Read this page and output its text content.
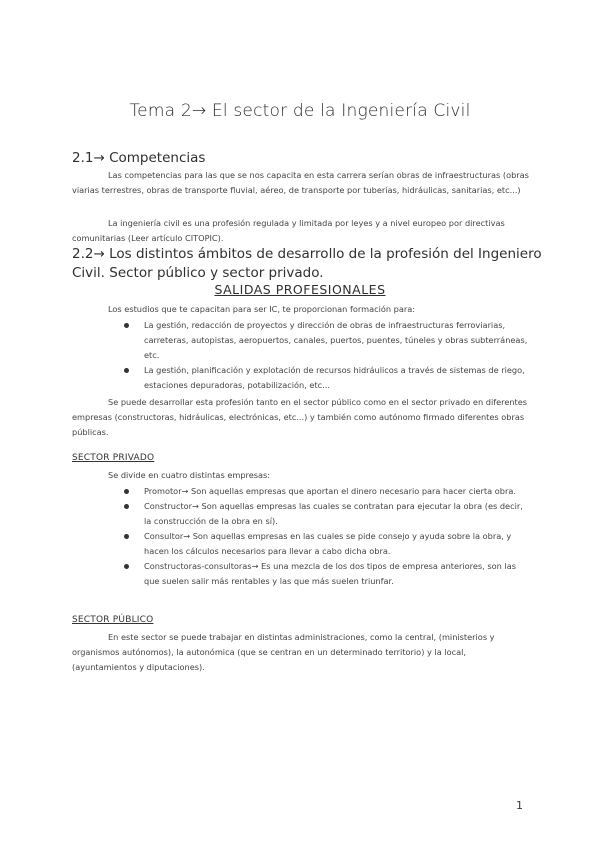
Tema 2→ El sector de la Ingeniería Civil
2.1→ Competencias
Las competencias para las que se nos capacita en esta carrera serían obras de infraestructuras (obras viarias terrestres, obras de transporte fluvial, aéreo, de transporte por tuberías, hidráulicas, sanitarias, etc...)
La ingeniería civil es una profesión regulada y limitada por leyes y a nivel europeo por directivas comunitarias (Leer artículo CITOPIC).
2.2→ Los distintos ámbitos de desarrollo de la profesión del Ingeniero Civil. Sector público y sector privado.
SALIDAS PROFESIONALES
Los estudios que te capacitan para ser IC, te proporcionan formación para:
La gestión, redacción de proyectos y dirección de obras de infraestructuras ferroviarias, carreteras, autopistas, aeropuertos, canales, puertos, puentes, túneles y obras subterráneas, etc.
La gestión, planificación y explotación de recursos hidráulicos a través de sistemas de riego, estaciones depuradoras, potabilización, etc...
Se puede desarrollar esta profesión tanto en el sector público como en el sector privado en diferentes empresas (constructoras, hidráulicas, electrónicas, etc...) y también como autónomo firmado diferentes obras públicas.
SECTOR PRIVADO
Se divide en cuatro distintas empresas:
Promotor→ Son aquellas empresas que aportan el dinero necesario para hacer cierta obra.
Constructor→ Son aquellas empresas las cuales se contratan para ejecutar la obra (es decir, la construcción de la obra en sí).
Consultor→ Son aquellas empresas en las cuales se pide consejo y ayuda sobre la obra, y hacen los cálculos necesarios para llevar a cabo dicha obra.
Constructoras-consultoras→ Es una mezcla de los dos tipos de empresa anteriores, son las que suelen salir más rentables y las que más suelen triunfar.
SECTOR PÚBLICO
En este sector se puede trabajar en distintas administraciones, como la central, (ministerios y organismos autónomos), la autonómica (que se centran en un determinado territorio) y la local, (ayuntamientos y diputaciones).
1
